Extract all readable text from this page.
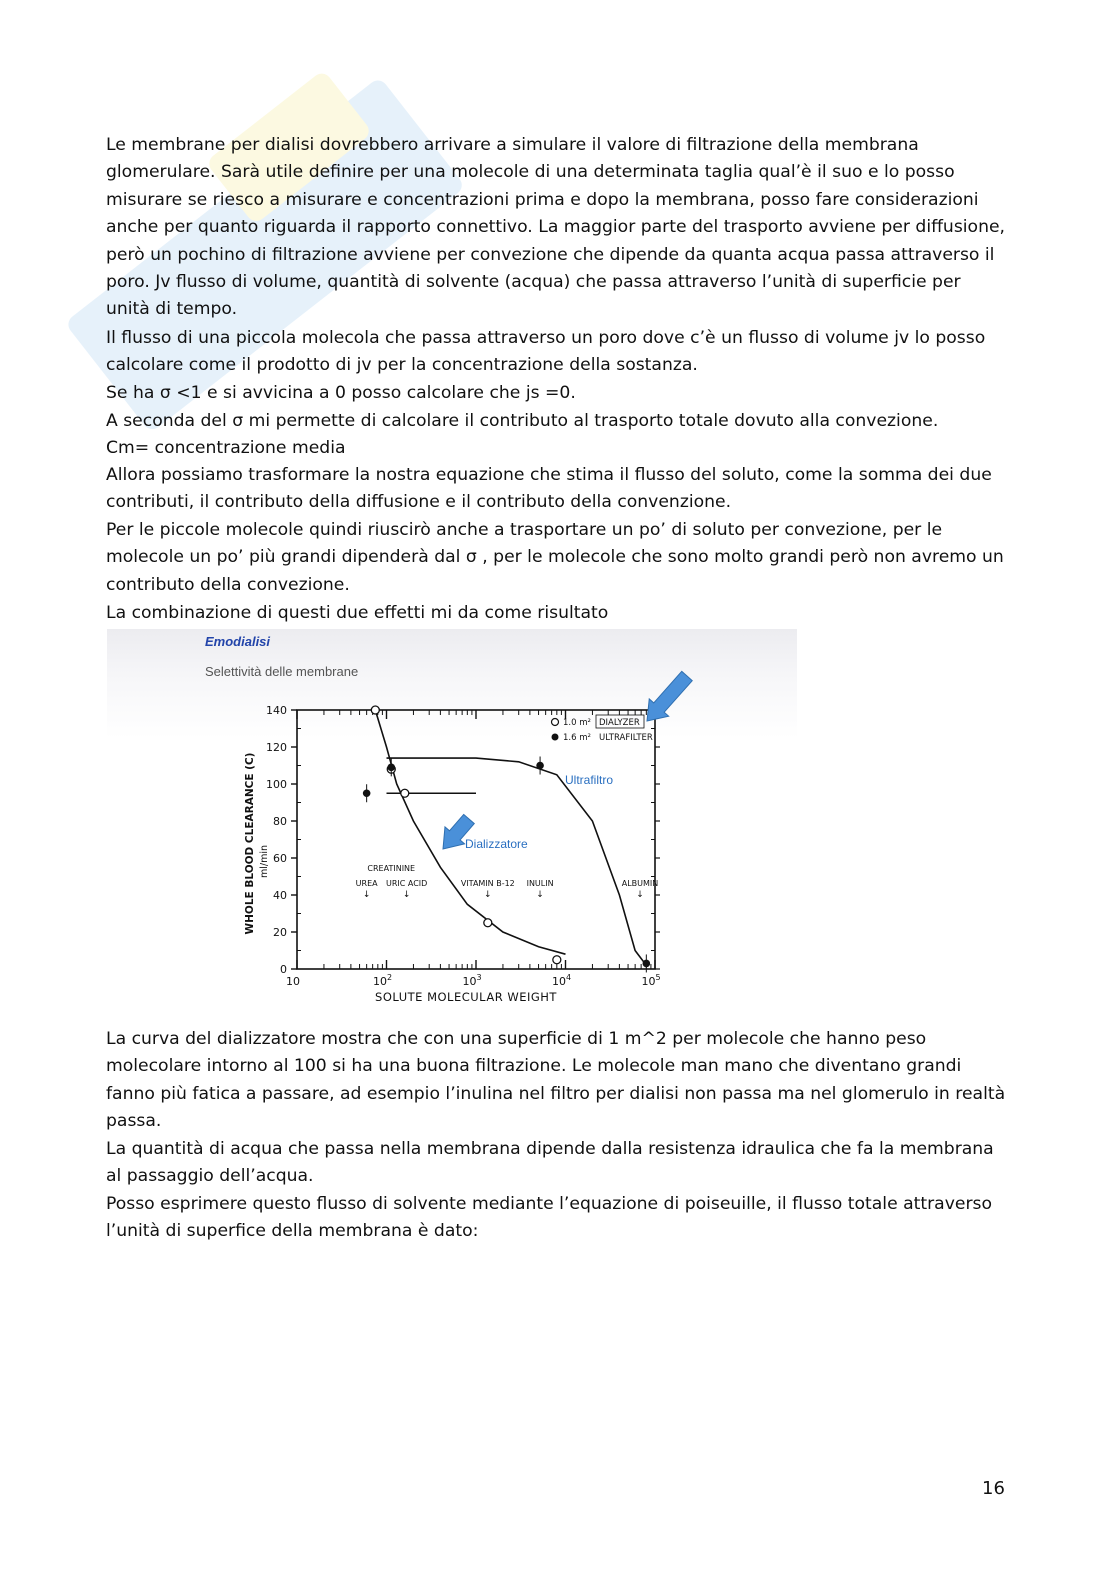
Le membrane per dialisi dovrebbero arrivare a simulare il valore di filtrazione della membrana glomerulare. Sarà utile definire per una molecole di una determinata taglia qual’è il suo e lo posso misurare se riesco a misurare e concentrazioni prima e dopo la membrana, posso fare considerazioni anche per quanto riguarda il rapporto connettivo. La maggior parte del trasporto avviene per diffusione, però un pochino di filtrazione avviene per convezione che dipende da quanta acqua passa attraverso il poro. Jv flusso di volume, quantità di solvente (acqua) che passa attraverso l’unità di superficie per unità di tempo.

Il flusso di una piccola molecola che passa attraverso un poro dove c’è un flusso di volume jv lo posso calcolare come il prodotto di jv per la concentrazione della sostanza.

Se ha σ <1 e si avvicina a 0 posso calcolare che js =0.

A seconda del σ mi permette di calcolare il contributo al trasporto totale dovuto alla convezione.

Cm= concentrazione media

Allora possiamo trasformare la nostra equazione che stima il flusso del soluto, come la somma dei due contributi, il contributo della diffusione e il contributo della convenzione.

Per le piccole molecole quindi riuscirò anche a trasportare un po’ di soluto per convezione, per le molecole un po’ più grandi dipenderà dal σ , per le molecole che sono molto grandi però non avremo un contributo della convezione.

La combinazione di questi due effetti mi da come risultato

Emodialisi
Selettività delle membrane
0
20
40
60
80
100
120
140
10	$10^2$	$10^3$	$10^4$	$10^5$
SOLUTE MOLECULAR WEIGHT
WHOLE BLOOD CLEARANCE (C) ml/min
UREA
↓
CREATININE
URIC ACID
↓
VITAMIN B-12
↓
INULIN
↓
ALBUMIN
↓
1.0 m² DIALYZER
1.6 m² ULTRAFILTER
Ultrafiltro
Dializzatore

La curva del dializzatore mostra che con una superficie di 1 m^2 per molecole che hanno peso molecolare intorno al 100 si ha una buona filtrazione. Le molecole man mano che diventano grandi fanno più fatica a passare, ad esempio l’inulina nel filtro per dialisi non passa ma nel glomerulo in realtà passa.

La quantità di acqua che passa nella membrana dipende dalla resistenza idraulica che fa la membrana al passaggio dell’acqua.

Posso esprimere questo flusso di solvente mediante l’equazione di poiseuille, il flusso totale attraverso l’unità di superfice della membrana è dato:

16
